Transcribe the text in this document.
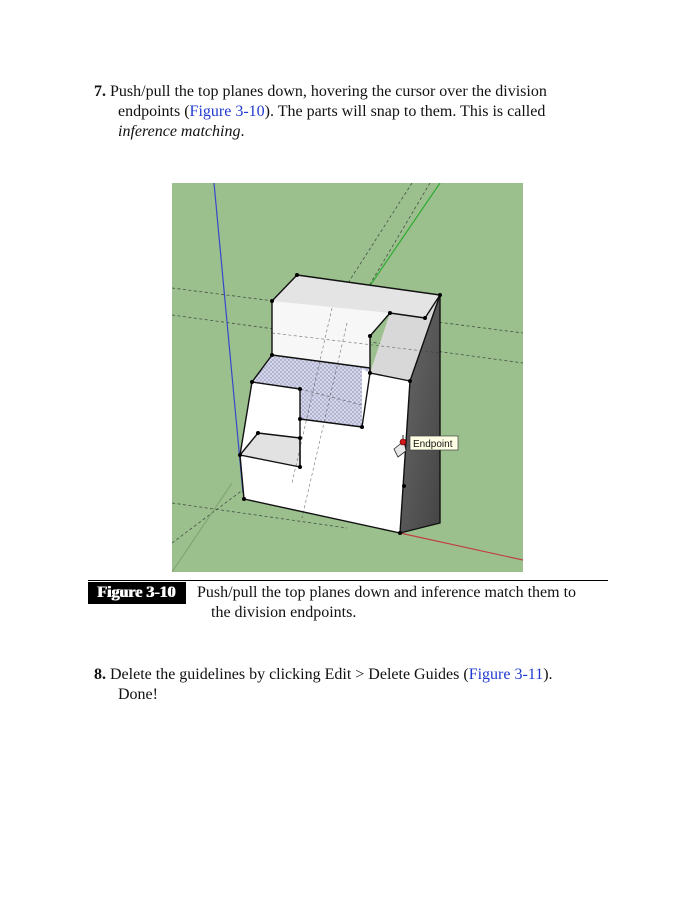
7. Push/pull the top planes down, hovering the cursor over the division
endpoints (Figure 3-10). The parts will snap to them. This is called
inference matching.
Endpoint
Figure 3-10	Push/pull the top planes down and inference match them to
the division endpoints.
8. Delete the guidelines by clicking Edit > Delete Guides (Figure 3-11).
Done!
